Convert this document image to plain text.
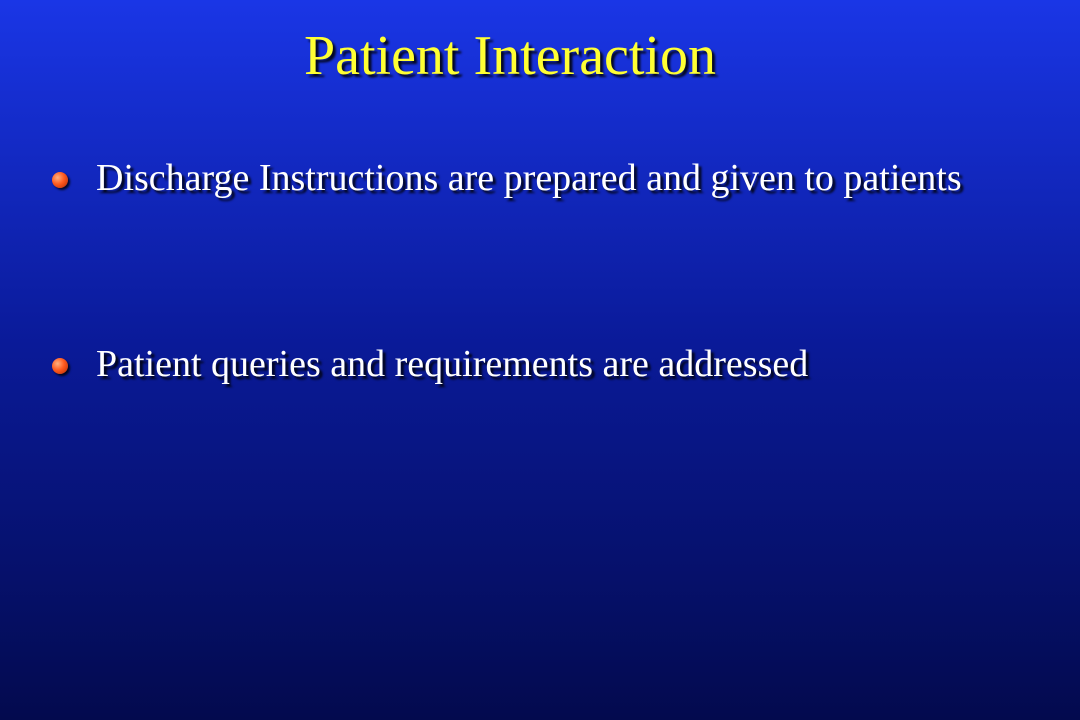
Patient Interaction
Discharge Instructions are prepared and given to patients
Patient queries and requirements are addressed
